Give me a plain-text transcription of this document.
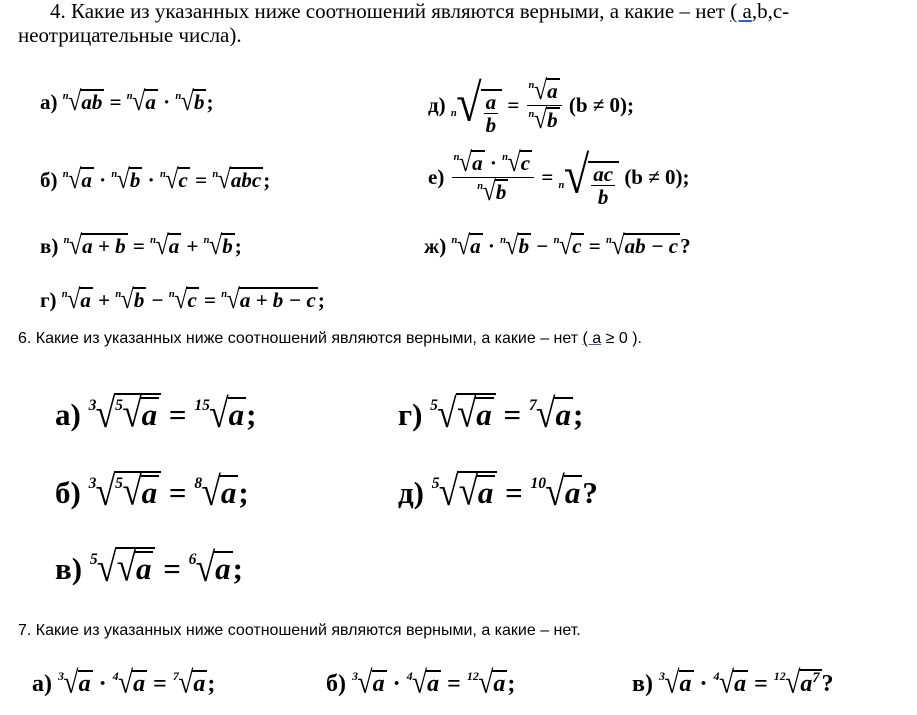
4. Какие из указанных ниже соотношений являются верными, а какие – нет ( a,b,c-
неотрицательные числа).
а) $^n$√ab = $^n$√a · $^n$√b;
б) $^n$√a · $^n$√b · $^n$√c = $^n$√abc;
в) $^n$√a + b = $^n$√a + $^n$√b;
г) $^n$√a + $^n$√b − $^n$√c = $^n$√a + b − c;
д)
$n√ \frac{a}{b} = \frac{^n√a}{^n√b}$
(b ≠ 0);
е)
$\frac{^n√a \cdot ^n√c}{^n√b} = n√ \frac{ac}{b}$
(b ≠ 0);
ж) $^n$√a · $^n$√b − $^n$√c = $^n$√ab − c?
6. Какие из указанных ниже соотношений являются верными, а какие – нет ( a ≥ 0 ).
а) $^3$√$^5$√a = $^{15}$√a;
б) $^3$√$^5$√a = $^8$√a;
в) $^5$√√a = $^6$√a;
г) $^5$√√a = $^7$√a;
д) $^5$√√a = $^{10}$√a?
7. Какие из указанных ниже соотношений являются верными, а какие – нет.
а) $^3$√a · $^4$√a = $^7$√a;	б) $^3$√a · $^4$√a = $^{12}$√a;	в) $^3√a \cdot ^4√a = ^{12}√a^7$?
